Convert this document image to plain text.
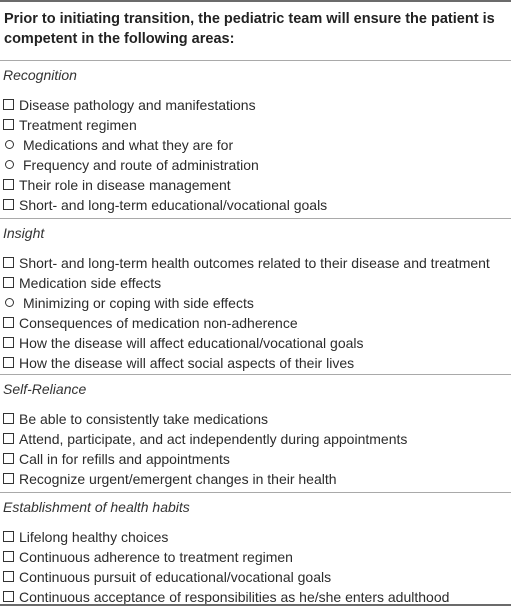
Prior to initiating transition, the pediatric team will ensure the patient is competent in the following areas:
Recognition
Disease pathology and manifestations
Treatment regimen
Medications and what they are for
Frequency and route of administration
Their role in disease management
Short- and long-term educational/vocational goals
Insight
Short- and long-term health outcomes related to their disease and treatment
Medication side effects
Minimizing or coping with side effects
Consequences of medication non-adherence
How the disease will affect educational/vocational goals
How the disease will affect social aspects of their lives
Self-Reliance
Be able to consistently take medications
Attend, participate, and act independently during appointments
Call in for refills and appointments
Recognize urgent/emergent changes in their health
Establishment of health habits
Lifelong healthy choices
Continuous adherence to treatment regimen
Continuous pursuit of educational/vocational goals
Continuous acceptance of responsibilities as he/she enters adulthood
